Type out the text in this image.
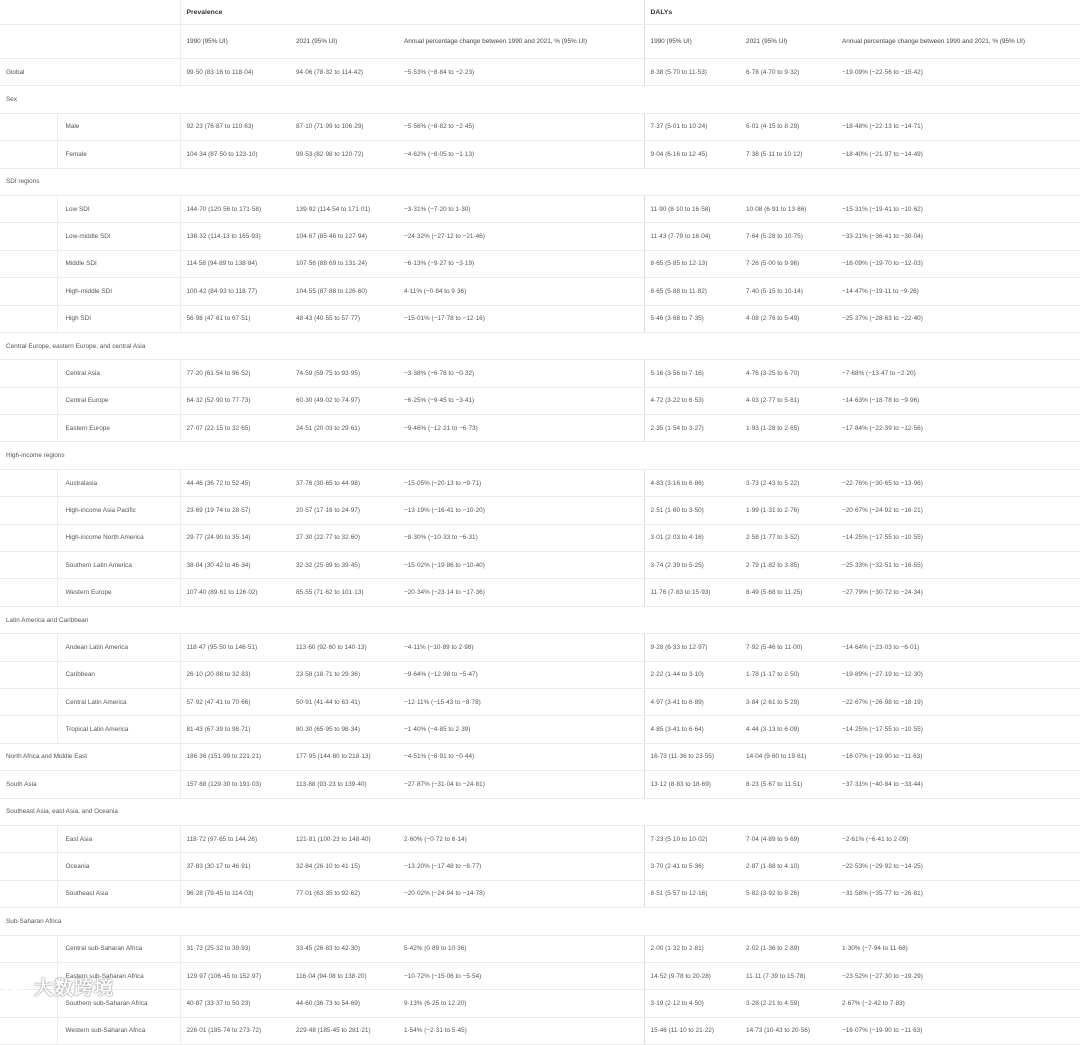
		Prevalence			DALYs		
		1990 (95% UI)	2021 (95% UI)	Annual percentage change between 1990 and 2021, % (95% UI)	1990 (95% UI)	2021 (95% UI)	Annual percentage change between 1990 and 2021, % (95% UI)
Global		99·50 (83·16 to 118·04)	94·06 (78·32 to 114·42)	−5·53% (−8·84 to −2·23)	8·38 (5·70 to 11·53)	6·78 (4·70 to 9·32)	−19·09% (−22·56 to −15·42)
Sex							
	Male	92·23 (76·87 to 110·63)	87·10 (71·99 to 106·29)	−5·56% (−8·82 to −2·45)	7·37 (5·01 to 10·24)	6·01 (4·15 to 8·29)	−18·48% (−22·13 to −14·71)
	Female	104·34 (87·50 to 123·10)	99·53 (82·98 to 120·72)	−4·62% (−8·05 to −1·13)	9·04 (6·16 to 12·45)	7·38 (5·11 to 10·12)	−18·40% (−21·97 to −14·49)
SDI regions							
	Low SDI	144·70 (120·56 to 171·58)	139·92 (114·54 to 171·01)	−3·31% (−7·20 to 1·30)	11·90 (8·10 to 16·58)	10·08 (6·91 to 13·86)	−15·31% (−19·41 to −10·62)
	Low-middle SDI	138·32 (114·13 to 165·93)	104·67 (85·46 to 127·94)	−24·32% (−27·12 to −21·46)	11·43 (7·79 to 16·04)	7·64 (5·28 to 10·75)	−33·21% (−36·41 to −30·04)
	Middle SDI	114·58 (94·89 to 138·84)	107·56 (88·69 to 131·24)	−6·13% (−9·27 to −3·19)	8·65 (5·85 to 12·13)	7·26 (5·00 to 9·96)	−16·09% (−19·70 to −12·03)
	High-middle SDI	100·42 (84·93 to 118·77)	104·55 (87·88 to 126·60)	4·11% (−0·84 to 9·36)	8·65 (5·88 to 11·82)	7·40 (5·15 to 10·14)	−14·47% (−19·11 to −9·26)
	High SDI	56·98 (47·61 to 67·51)	48·43 (40·55 to 57·77)	−15·01% (−17·78 to −12·16)	5·46 (3·68 to 7·35)	4·08 (2·76 to 5·49)	−25·37% (−28·63 to −22·40)
Central Europe, eastern Europe, and central Asia							
	Central Asia	77·20 (61·54 to 96·52)	74·59 (59·75 to 93·95)	−3·38% (−6·78 to −0·32)	5·16 (3·56 to 7·16)	4·76 (3·25 to 6·70)	−7·68% (−13·47 to −2·20)
	Central Europe	64·32 (52·90 to 77·73)	60·30 (49·02 to 74·97)	−6·25% (−9·45 to −3·41)	4·72 (3·22 to 6·53)	4·03 (2·77 to 5·61)	−14·63% (−18·78 to −9·96)
	Eastern Europe	27·07 (22·15 to 32·65)	24·51 (20·03 to 29·61)	−9·46% (−12·21 to −6·73)	2·35 (1·54 to 3·27)	1·93 (1·28 to 2·65)	−17·84% (−22·39 to −12·56)
High-income regions							
	Australasia	44·46 (36·72 to 52·45)	37·76 (30·65 to 44·98)	−15·05% (−20·13 to −9·71)	4·83 (3·16 to 6·86)	3·73 (2·43 to 5·22)	−22·76% (−30·65 to −13·96)
	High-income Asia Pacific	23·69 (19·74 to 28·57)	20·57 (17·16 to 24·97)	−13·19% (−16·41 to −10·20)	2·51 (1·60 to 3·50)	1·99 (1·31 to 2·76)	−20·67% (−24·92 to −16·21)
	High-income North America	29·77 (24·90 to 35·14)	27·30 (22·77 to 32·60)	−8·30% (−10·33 to −6·31)	3·01 (2·03 to 4·16)	2·58 (1·77 to 3·52)	−14·25% (−17·55 to −10·55)
	Southern Latin America	38·04 (30·42 to 46·34)	32·32 (25·89 to 39·45)	−15·02% (−19·86 to −10·40)	3·74 (2·39 to 5·25)	2·79 (1·82 to 3·85)	−25·33% (−32·51 to −16·55)
	Western Europe	107·40 (89·61 to 126·02)	85·55 (71·62 to 101·13)	−20·34% (−23·14 to −17·36)	11·76 (7·83 to 15·93)	8·49 (5·68 to 11·25)	−27·79% (−30·72 to −24·34)
Latin America and Caribbean							
	Andean Latin America	118·47 (95·50 to 146·51)	113·60 (92·60 to 140·13)	−4·11% (−10·89 to 2·98)	9·28 (6·33 to 12·97)	7·92 (5·46 to 11·00)	−14·64% (−23·03 to −6·01)
	Caribbean	26·10 (20·88 to 32·83)	23·58 (18·71 to 29·36)	−9·64% (−12·98 to −5·47)	2·22 (1·44 to 3·10)	1·78 (1·17 to 2·50)	−19·89% (−27·19 to −12·30)
	Central Latin America	57·92 (47·41 to 70·66)	50·91 (41·44 to 63·41)	−12·11% (−15·43 to −8·78)	4·97 (3·41 to 6·89)	3·84 (2·61 to 5·29)	−22·67% (−26·98 to −18·19)
	Tropical Latin America	81·43 (67·39 to 98·71)	80·30 (65·95 to 98·34)	−1·40% (−4·85 to 2·39)	4·85 (3·41 to 6·64)	4·44 (3·13 to 6·09)	−14·25% (−17·55 to −10·55)
North Africa and Middle East		186·36 (151·99 to 221·21)	177·95 (144·80 to 218·13)	−4·51% (−8·91 to −0·44)	16·73 (11·36 to 23·55)	14·04 (9·60 to 19·61)	−16·07% (−19·90 to −11·63)
South Asia		157·88 (129·30 to 191·03)	113·88 (93·23 to 139·40)	−27·87% (−31·04 to −24·81)	13·12 (8·83 to 18·69)	8·23 (5·67 to 11·51)	−37·31% (−40·84 to −33·44)
Southeast Asia, east Asia, and Oceania							
	East Asia	118·72 (97·65 to 144·26)	121·81 (100·23 to 148·40)	2·60% (−0·72 to 6·14)	7·23 (5·10 to 10·02)	7·04 (4·89 to 9·69)	−2·61% (−6·41 to 2·09)
	Oceania	37·83 (30·17 to 46·91)	32·84 (26·10 to 41·15)	−13·20% (−17·48 to −8·77)	3·70 (2·41 to 5·36)	2·87 (1·88 to 4·10)	−22·53% (−29·92 to −14·25)
	Southeast Asia	96·28 (79·45 to 114·03)	77·01 (63·35 to 92·62)	−20·02% (−24·94 to −14·78)	8·51 (5·57 to 12·16)	5·82 (3·92 to 8·26)	−31·58% (−35·77 to −26·81)
Sub-Saharan Africa							
	Central sub-Saharan Africa	31·73 (25·32 to 39·93)	33·45 (26·83 to 42·30)	5·42% (0·89 to 10·36)	2·00 (1·32 to 2·81)	2·02 (1·36 to 2·89)	1·30% (−7·94 to 11·68)
	Eastern sub-Saharan Africa	129·97 (106·45 to 152·97)	116·04 (94·08 to 138·20)	−10·72% (−15·06 to −5·54)	14·52 (9·78 to 20·28)	11·11 (7·39 to 15·78)	−23·52% (−27·30 to −19·29)
	Southern sub-Saharan Africa	40·87 (33·37 to 50·23)	44·60 (36·73 to 54·69)	9·13% (6·25 to 12·20)	3·19 (2·12 to 4·50)	3·28 (2·21 to 4·59)	2·67% (−2·42 to 7·83)
	Western sub-Saharan Africa	226·01 (185·74 to 273·72)	229·48 (185·45 to 281·21)	1·54% (−2·31 to 5·45)	15·46 (11·10 to 21·22)	14·73 (10·43 to 20·56)	−16·07% (−19·90 to −11·63)
大数跨境
